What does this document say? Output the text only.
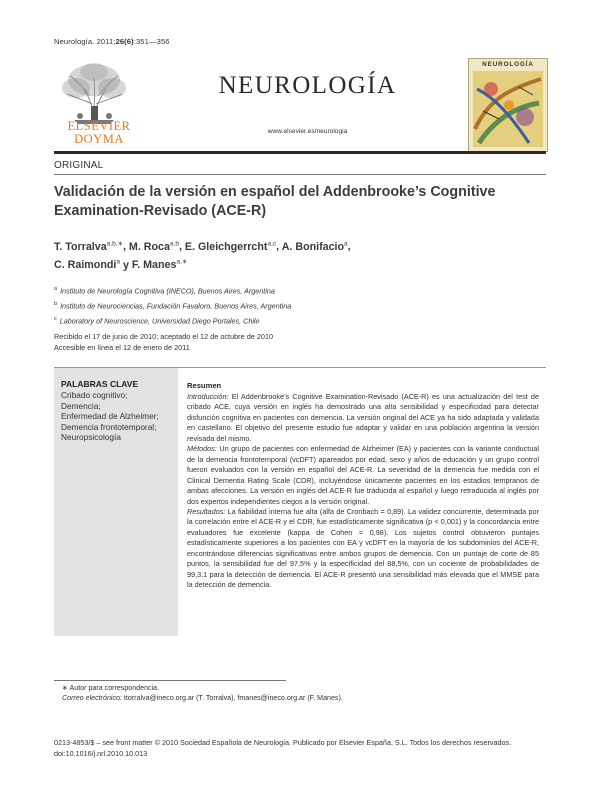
Neurología. 2011;26(6):351—356
ELSEVIER
DOYMA
NEUROLOGÍA
www.elsevier.es/neurologia
NEUROLOGÍA
ORIGINAL
Validación de la versión en español del Addenbrooke’s Cognitive Examination-Revisado (ACE-R)
T. Torralva$^{a,b,∗}$, M. Roca$^{a,b}$, E. Gleichgerrcht$^{a,c}$, A. Bonifacio$^a$,
C. Raimondi$^a$ y F. Manes$^{a,∗}$
$^a$ Instituto de Neurología Cognitiva (INECO), Buenos Aires, Argentina
$^b$ Instituto de Neurociencias, Fundación Favaloro, Buenos Aires, Argentina
$^c$ Laboratory of Neuroscience, Universidad Diego Portales, Chile
Recibido el 17 de junio de 2010; aceptado el 12 de octubre de 2010
Accesible en línea el 12 de enero de 2011
PALABRAS CLAVE
Cribado cognitivo;
Demencia;
Enfermedad de Alzheimer;
Demencia frontotemporal;
Neuropsicología
Resumen

Introducción: El Addenbrooke’s Cognitive Examination-Revisado (ACE-R) es una actualización del test de cribado ACE, cuya versión en inglés ha demostrado una alta sensibilidad y especificidad para detectar disfunción cognitiva en pacientes con demencia. La versión original del ACE ya ha sido adaptada y validada en castellano. El objetivo del presente estudio fue adaptar y validar en una población argentina la versión revisada del mismo.

Métodos: Un grupo de pacientes con enfermedad de Alzheimer (EA) y pacientes con la variante conductual de la demencia frontotemporal (vcDFT) apareados por edad, sexo y años de educación y un grupo control fueron evaluados con la versión en español del ACE-R. La severidad de la demencia fue medida con el Clinical Dementia Rating Scale (CDR), incluyéndose únicamente pacientes en los estadios tempranos de ambas afecciones. La versión en inglés del ACE-R fue traducida al español y luego retraducida al inglés por dos expertos independientes ciegos a la versión original.

Resultados: La fiabilidad interna fue alta (alfa de Cronbach = 0,89). La validez concurrente, determinada por la correlación entre el ACE-R y el CDR, fue estadísticamente significativa (p < 0,001) y la concordancia entre evaluadores fue excelente (kappa de Cohen = 0,98). Los sujetos control obtuvieron puntajes estadísticamente superiores a los pacientes con EA y vcDFT en la mayoría de los subdominios del ACE-R, encontrándose diferencias significativas entre ambos grupos de demencia. Con un puntaje de corte de 85 puntos, la sensibilidad fue del 97,5% y la especificidad del 88,5%, con un cociente de probabilidades de 99,3:1 para la detección de demencia. El ACE-R presentó una sensibilidad más elevada que el MMSE para la detección de demencia.

∗ Autor para correspondencia.
Correo electrónico: ttorralva@ineco.org.ar (T. Torralva), fmanes@ineco.org.ar (F. Manes).
0213-4853/$ – see front matter © 2010 Sociedad Española de Neurología. Publicado por Elsevier España, S.L. Todos los derechos reservados.
doi:10.1016/j.nrl.2010.10.013
